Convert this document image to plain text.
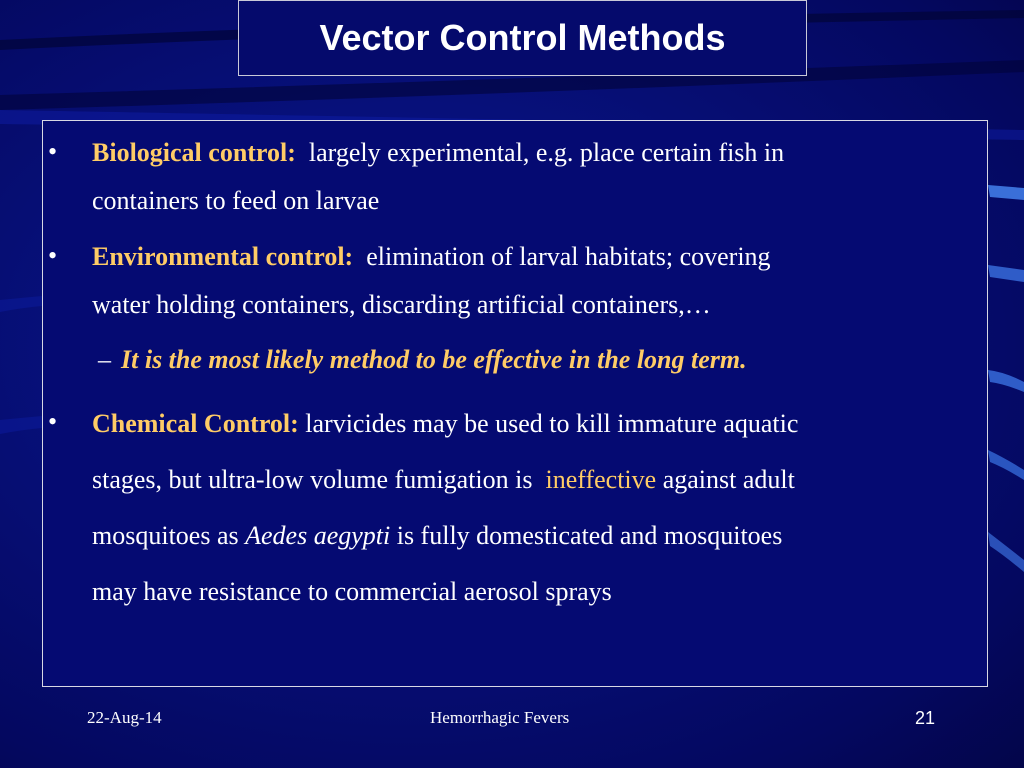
Vector Control Methods
•	Biological control: largely experimental, e.g. place certain fish in
containers to feed on larvae
•	Environmental control: elimination of larval habitats; covering
water holding containers, discarding artificial containers,…
– It is the most likely method to be effective in the long term.
•	Chemical Control: larvicides may be used to kill immature aquatic
stages, but ultra-low volume fumigation is ineffective against adult
mosquitoes as Aedes aegypti is fully domesticated and mosquitoes
may have resistance to commercial aerosol sprays
22-Aug-14	Hemorrhagic Fevers	21
